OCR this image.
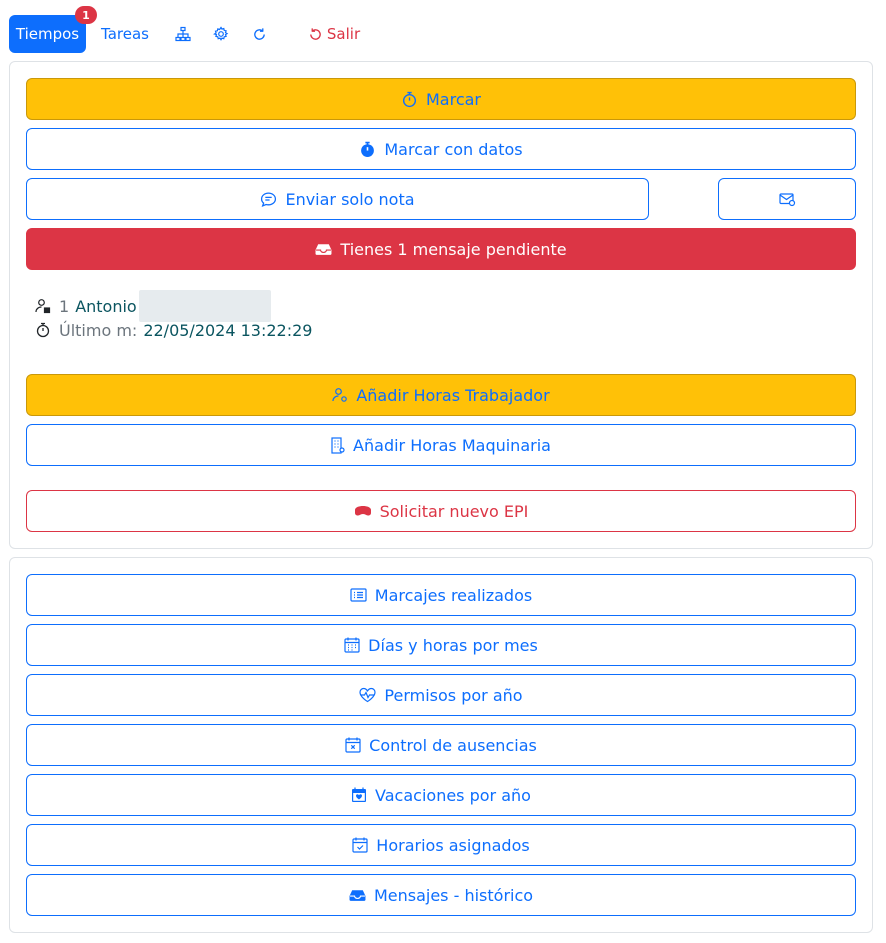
Tiempos
1
Tareas	Salir
Marcar
Marcar con datos
Enviar solo nota
Tienes 1 mensaje pendiente
1 Antonio
Último m: 22/05/2024 13:22:29
Añadir Horas Trabajador
Añadir Horas Maquinaria
Solicitar nuevo EPI
Marcajes realizados
Días y horas por mes
Permisos por año
Control de ausencias
Vacaciones por año
Horarios asignados
Mensajes - histórico
